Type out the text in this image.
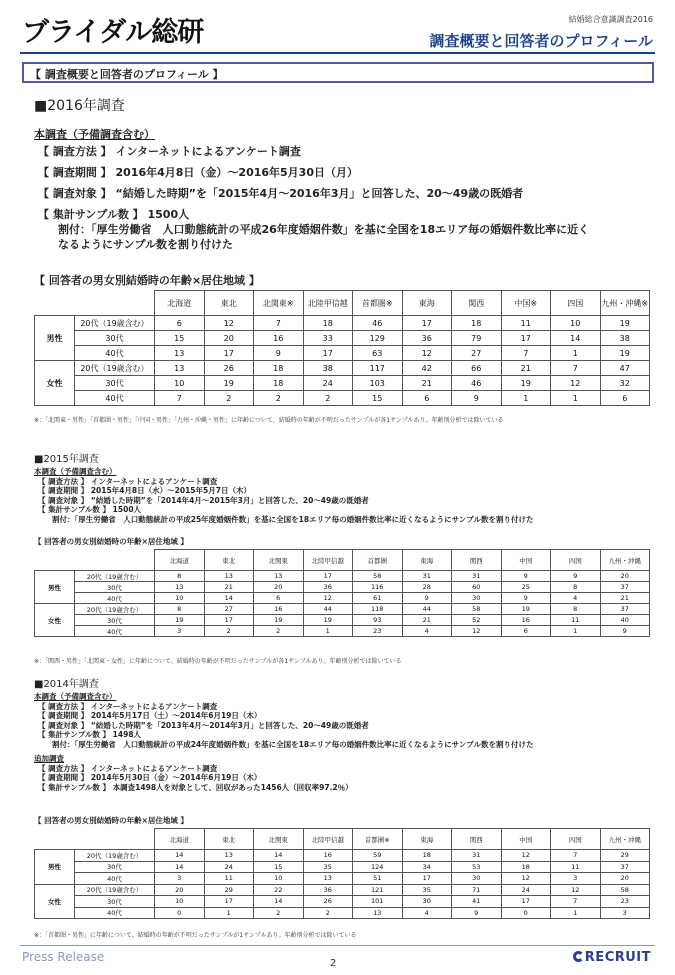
ブライダル総研	結婚総合意識調査2016
調査概要と回答者のプロフィール
【 調査概要と回答者のプロフィール 】
■2016年調査
本調査（予備調査含む）
【 調査方法 】 インターネットによるアンケート調査
【 調査期間 】 2016年4月8日（金）～2016年5月30日（月）
【 調査対象 】 “結婚した時期”を「2015年4月～2016年3月」と回答した、20～49歳の既婚者
【 集計サンプル数 】 1500人
割付：「厚生労働省　人口動態統計の平成26年度婚姻件数」を基に全国を18エリア毎の婚姻件数比率に近く
なるようにサンプル数を割り付けた
【 回答者の男女別結婚時の年齢×居住地域 】
		北海道	東北	北関東※	北陸甲信越	首都圏※	東海	関西	中国※	四国	九州・沖縄※
男性	20代（19歳含む）	6	12	7	18	46	17	18	11	10	19
	30代	15	20	16	33	129	36	79	17	14	38
	40代	13	17	9	17	63	12	27	7	1	19
女性	20代（19歳含む）	13	26	18	38	117	42	66	21	7	47
	30代	10	19	18	24	103	21	46	19	12	32
	40代	7	2	2	2	15	6	9	1	1	6
※：「北関東・男性」「首都圏・男性」「中国・男性」「九州・沖縄・男性」に年齢について、結婚時の年齢が不明だったサンプルが各1サンプルあり。年齢別分析では除いている
■2015年調査
本調査（予備調査含む）
【 調査方法 】 インターネットによるアンケート調査
【 調査期間 】 2015年4月8日（水）～2015年5月7日（木）
【 調査対象 】 “結婚した時期”を「2014年4月～2015年3月」と回答した、20～49歳の既婚者
【 集計サンプル数 】 1500人
割付：「厚生労働省　人口動態統計の平成25年度婚姻件数」を基に全国を18エリア毎の婚姻件数比率に近くなるようにサンプル数を割り付けた
【 回答者の男女別結婚時の年齢×居住地域 】
		北海道	東北	北関東	北陸甲信越	首都圏	東海	関西	中国	四国	九州・沖縄
男性	20代（19歳含む）	8	13	13	17	58	31	31	9	9	20
	30代	13	21	20	36	116	28	60	25	8	37
	40代	10	14	6	12	61	9	30	9	4	21
女性	20代（19歳含む）	8	27	16	44	118	44	58	19	8	37
	30代	19	17	19	19	93	21	52	16	11	40
	40代	3	2	2	1	23	4	12	6	1	9
※：「関西・男性」「北関東・女性」に年齢について、結婚時の年齢が不明だったサンプルが各1サンプルあり。年齢別分析では除いている
■2014年調査
本調査（予備調査含む）
【 調査方法 】 インターネットによるアンケート調査
【 調査期間 】 2014年5月17日（土）～2014年6月19日（木）
【 調査対象 】 “結婚した時期”を「2013年4月～2014年3月」と回答した、20～49歳の既婚者
【 集計サンプル数 】 1498人
割付：「厚生労働省　人口動態統計の平成24年度婚姻件数」を基に全国を18エリア毎の婚姻件数比率に近くなるようにサンプル数を割り付けた
追加調査
【 調査方法 】 インターネットによるアンケート調査
【 調査期間 】 2014年5月30日（金）～2014年6月19日（木）
【 集計サンプル数 】 本調査1498人を対象として、回収があった1456人（回収率97.2％）
【 回答者の男女別結婚時の年齢×居住地域 】
		北海道	東北	北関東	北陸甲信越	首都圏※	東海	関西	中国	四国	九州・沖縄
男性	20代（19歳含む）	14	13	14	16	59	18	31	12	7	29
	30代	14	24	15	35	124	34	53	18	11	37
	40代	3	11	10	13	51	17	30	12	3	20
女性	20代（19歳含む）	20	29	22	36	121	35	71	24	12	58
	30代	10	17	14	26	101	30	41	17	7	23
	40代	0	1	2	2	13	4	9	0	1	3
※：「首都圏・男性」に年齢について、結婚時の年齢が不明だったサンプルが1サンプルあり。年齢別分析では除いている
Press Release	2	RECRUIT
